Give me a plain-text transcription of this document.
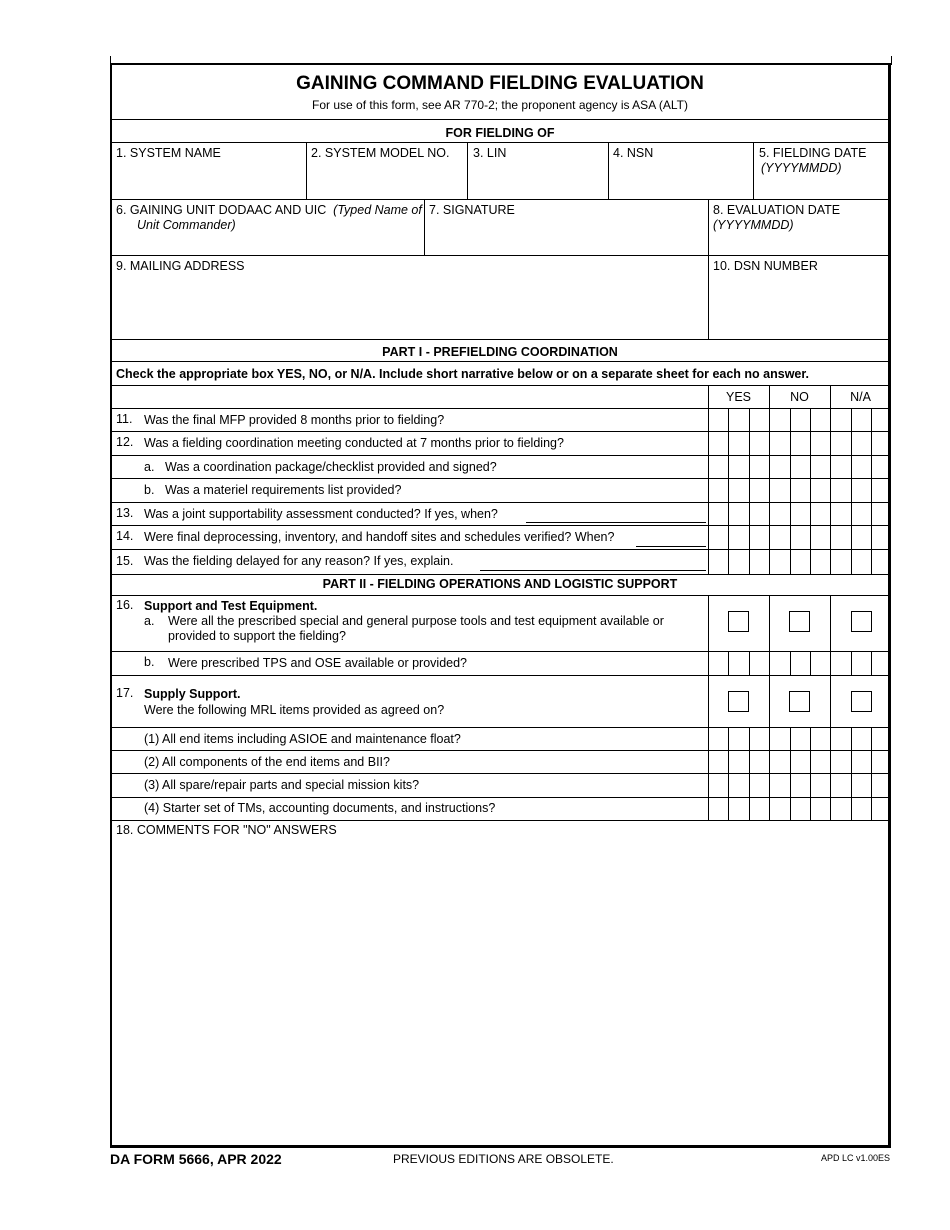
GAINING COMMAND FIELDING EVALUATION
For use of this form, see AR 770-2; the proponent agency is ASA (ALT)
FOR FIELDING OF
1. SYSTEM NAME	2. SYSTEM MODEL NO. 3. LIN	4. NSN	5. FIELDING DATE
(YYYYMMDD)
6. GAINING UNIT DODAAC AND UIC (Typed Name of
Unit Commander)
7. SIGNATURE	8. EVALUATION DATE
(YYYYMMDD)
9. MAILING ADDRESS	10. DSN NUMBER
PART I - PREFIELDING COORDINATION
Check the appropriate box YES, NO, or N/A. Include short narrative below or on a separate sheet for each no answer.
YES	NO	N/A
11. Was the final MFP provided 8 months prior to fielding?
12. Was a fielding coordination meeting conducted at 7 months prior to fielding?
a. Was a coordination package/checklist provided and signed?
b. Was a materiel requirements list provided?
13. Was a joint supportability assessment conducted? If yes, when?
14. Were final deprocessing, inventory, and handoff sites and schedules verified? When?
15. Was the fielding delayed for any reason? If yes, explain.
PART II - FIELDING OPERATIONS AND LOGISTIC SUPPORT
16. Support and Test Equipment.
a. Were all the prescribed special and general purpose tools and test equipment available or
provided to support the fielding?
b. Were prescribed TPS and OSE available or provided?
17. Supply Support.
Were the following MRL items provided as agreed on?
(1) All end items including ASIOE and maintenance float?
(2) All components of the end items and BII?
(3) All spare/repair parts and special mission kits?
(4) Starter set of TMs, accounting documents, and instructions?
18. COMMENTS FOR "NO" ANSWERS
DA FORM 5666, APR 2022	PREVIOUS EDITIONS ARE OBSOLETE.	APD LC v1.00ES
